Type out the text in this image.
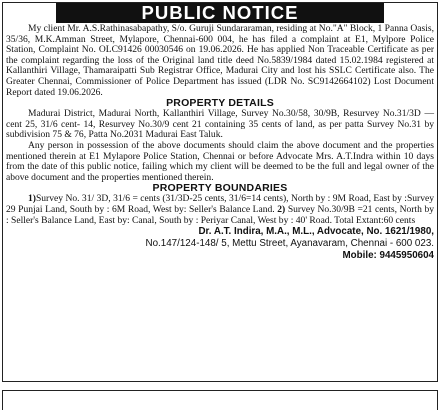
PUBLIC NOTICE

My client Mr. A.S.Rathinasabapathy, S/o. Guruji Sundararaman, residing at No."A" Block, 1 Panna Oasis, 35/36, M.K.Amman Street, Mylapore, Chennai-600 004, he has filed a complaint at E1, Mylpore Police Station, Complaint No. OLC91426 00030546 on 19.06.2026. He has applied Non Traceable Certificate as per the complaint regarding the loss of the Original land title deed No.5839/1984 dated 15.02.1984 registered at Kallanthiri Village, Thamaraipatti Sub Registrar Office, Madurai City and lost his SSLC Certificate also. The Greater Chennai, Commissioner of Police Department has issued (LDR No. SC9142664102) Lost Document Report dated 19.06.2026.

PROPERTY DETAILS

Madurai District, Madurai North, Kallanthiri Village, Survey No.30/58, 30/9B, Resurvey No.31/3D — cent 25, 31/6 cent- 14, Resurvey No.30/9 cent 21 containing 35 cents of land, as per patta Survey No.31 by subdivision 75 & 76, Patta No.2031 Madurai East Taluk.

Any person in possession of the above documents should claim the above document and the properties mentioned therein at E1 Mylapore Police Station, Chennai or before Advocate Mrs. A.T.Indra within 10 days from the date of this public notice, failing which my client will be deemed to be the full and legal owner of the above document and the properties mentioned therein.

PROPERTY BOUNDARIES

1)Survey No. 31/ 3D, 31/6 = cents (31/3D-25 cents, 31/6=14 cents), North by : 9M Road, East by :Survey 29 Punjai Land, South by : 6M Road, West by: Seller's Balance Land. 2) Survey No.30/9B =21 cents, North by : Seller's Balance Land, East by: Canal, South by : Periyar Canal, West by : 40' Road. Total Extant:60 cents

Dr. A.T. Indira, M.A., M.L., Advocate, No. 1621/1980,
No.147/124-148/ 5, Mettu Street, Ayanavaram, Chennai - 600 023.
Mobile: 9445950604
